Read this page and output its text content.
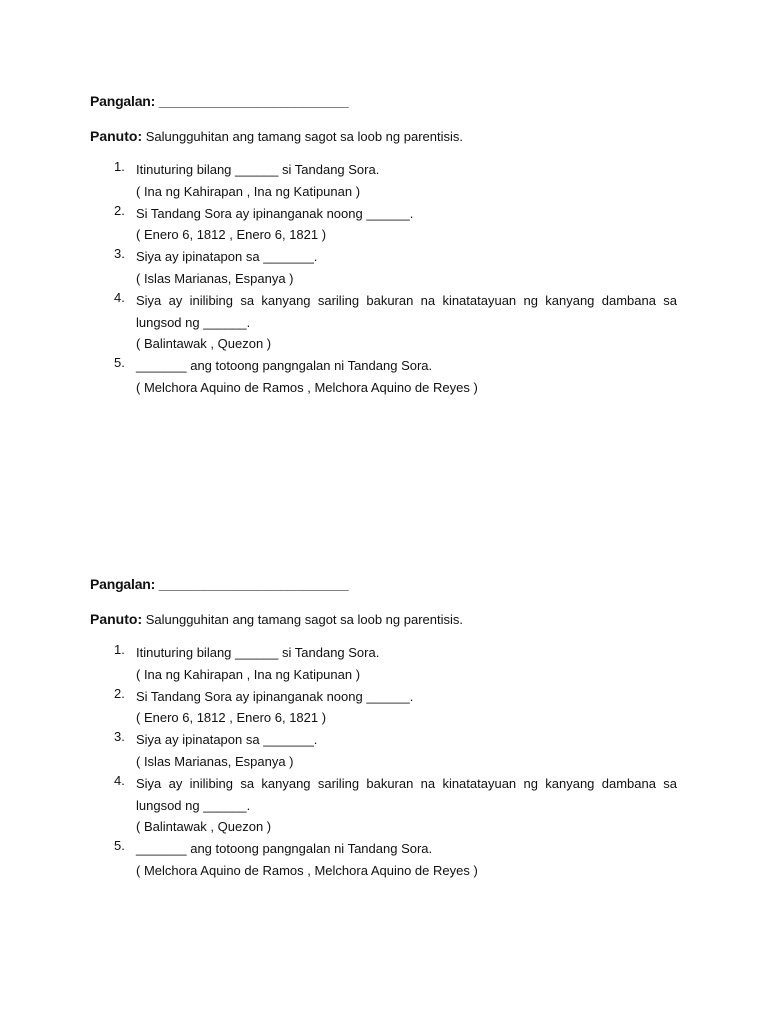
Pangalan: _________________________
Panuto: Salungguhitan ang tamang sagot sa loob ng parentisis.
1. Itinuturing bilang ______ si Tandang Sora.
( Ina ng Kahirapan , Ina ng Katipunan )
2. Si Tandang Sora ay ipinanganak noong ______.
( Enero 6, 1812 , Enero 6, 1821 )
3. Siya ay ipinatapon sa _______.
( Islas Marianas, Espanya )
4. Siya ay inilibing sa kanyang sariling bakuran na kinatatayuan ng kanyang dambana sa lungsod ng ______.
( Balintawak , Quezon )
5. _______ ang totoong pangngalan ni Tandang Sora.
( Melchora Aquino de Ramos , Melchora Aquino de Reyes )
Pangalan: _________________________
Panuto: Salungguhitan ang tamang sagot sa loob ng parentisis.
1. Itinuturing bilang ______ si Tandang Sora.
( Ina ng Kahirapan , Ina ng Katipunan )
2. Si Tandang Sora ay ipinanganak noong ______.
( Enero 6, 1812 , Enero 6, 1821 )
3. Siya ay ipinatapon sa _______.
( Islas Marianas, Espanya )
4. Siya ay inilibing sa kanyang sariling bakuran na kinatatayuan ng kanyang dambana sa lungsod ng ______.
( Balintawak , Quezon )
5. _______ ang totoong pangngalan ni Tandang Sora.
( Melchora Aquino de Ramos , Melchora Aquino de Reyes )
